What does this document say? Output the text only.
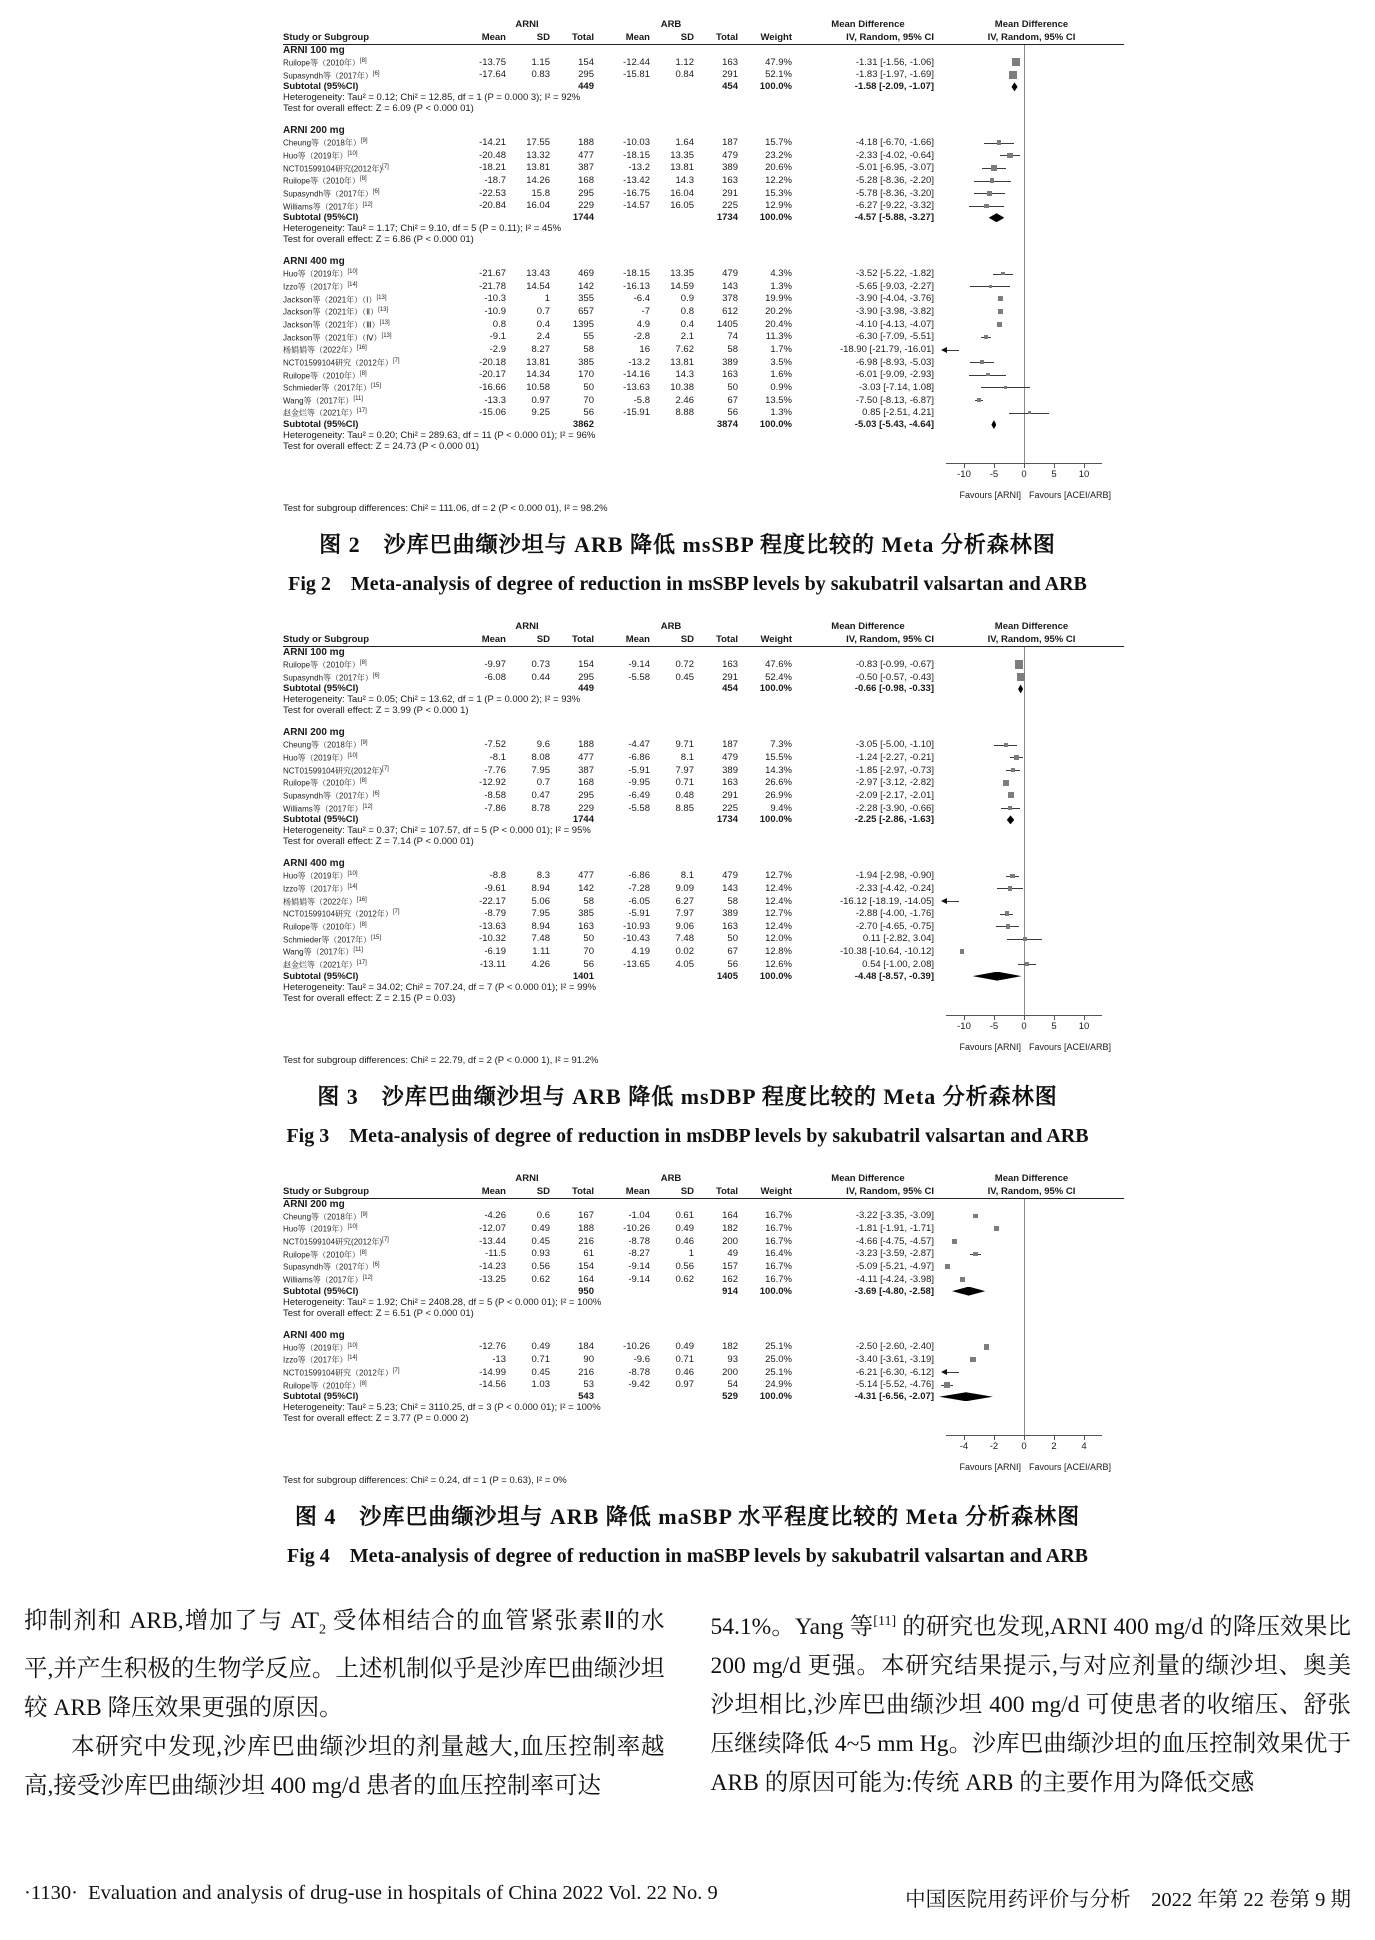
ARNI	ARB	Mean Difference	Mean Difference
Study or Subgroup	Mean	SD	Total	Mean	SD	Total	Weight	IV, Random, 95% CI	IV, Random, 95% CI
ARNI 100 mg
Ruilope等（2010年）[8]	-13.75	1.15	154	-12.44	1.12	163	47.9%	-1.31 [-1.56, -1.06]
Supasyndh等（2017年）[6]	-17.64	0.83	295	-15.81	0.84	291	52.1%	-1.83 [-1.97, -1.69]
Subtotal (95%CI)	449	454	100.0%	-1.58 [-2.09, -1.07]
Heterogeneity: Tau² = 0.12; Chi² = 12.85, df = 1 (P = 0.000 3); I² = 92%
Test for overall effect: Z = 6.09 (P < 0.000 01)
ARNI 200 mg
Cheung等（2018年）[9]	-14.21	17.55	188	-10.03	1.64	187	15.7%	-4.18 [-6.70, -1.66]
Huo等（2019年）[10]	-20.48	13.32	477	-18.15	13.35	479	23.2%	-2.33 [-4.02, -0.64]
NCT01599104研究(2012年)[7]	-18.21	13.81	387	-13.2	13.81	389	20.6%	-5.01 [-6.95, -3.07]
Ruilope等（2010年）[8]	-18.7	14.26	168	-13.42	14.3	163	12.2%	-5.28 [-8.36, -2.20]
Supasyndh等（2017年）[6]	-22.53	15.8	295	-16.75	16.04	291	15.3%	-5.78 [-8.36, -3.20]
Williams等（2017年）[12]	-20.84	16.04	229	-14.57	16.05	225	12.9%	-6.27 [-9.22, -3.32]
Subtotal (95%CI)	1744	1734	100.0%	-4.57 [-5.88, -3.27]
Heterogeneity: Tau² = 1.17; Chi² = 9.10, df = 5 (P = 0.11); I² = 45%
Test for overall effect: Z = 6.86 (P < 0.000 01)
ARNI 400 mg
Huo等（2019年）[10]	-21.67	13.43	469	-18.15	13.35	479	4.3%	-3.52 [-5.22, -1.82]
Izzo等（2017年）[14]	-21.78	14.54	142	-16.13	14.59	143	1.3%	-5.65 [-9.03, -2.27]
Jackson等（2021年）（Ⅰ）[13]	-10.3	1	355	-6.4	0.9	378	19.9%	-3.90 [-4.04, -3.76]
Jackson等（2021年）（Ⅱ）[13]	-10.9	0.7	657	-7	0.8	612	20.2%	-3.90 [-3.98, -3.82]
Jackson等（2021年）（Ⅲ）[13]	0.8	0.4	1395	4.9	0.4	1405	20.4%	-4.10 [-4.13, -4.07]
Jackson等（2021年）（Ⅳ）[13]	-9.1	2.4	55	-2.8	2.1	74	11.3%	-6.30 [-7.09, -5.51]
杨娟娟等（2022年）[16]	-2.9	8.27	58	16	7.62	58	1.7%	-18.90 [-21.79, -16.01]
NCT01599104研究（2012年）[7]	-20.18	13.81	385	-13.2	13.81	389	3.5%	-6.98 [-8.93, -5.03]
Ruilope等（2010年）[8]	-20.17	14.34	170	-14.16	14.3	163	1.6%	-6.01 [-9.09, -2.93]
Schmieder等（2017年）[15]	-16.66	10.58	50	-13.63	10.38	50	0.9%	-3.03 [-7.14, 1.08]
Wang等（2017年）[11]	-13.3	0.97	70	-5.8	2.46	67	13.5%	-7.50 [-8.13, -6.87]
赵金烂等（2021年）[17]	-15.06	9.25	56	-15.91	8.88	56	1.3%	0.85 [-2.51, 4.21]
Subtotal (95%CI)	3862	3874	100.0%	-5.03 [-5.43, -4.64]
Heterogeneity: Tau² = 0.20; Chi² = 289.63, df = 11 (P < 0.000 01); I² = 96%
Test for overall effect: Z = 24.73 (P < 0.000 01)
-10	-5	0	5	10
Favours [ARNI] Favours [ACEI/ARB]
Test for subgroup differences: Chi² = 111.06, df = 2 (P < 0.000 01), I² = 98.2%
图 2　沙库巴曲缬沙坦与 ARB 降低 msSBP 程度比较的 Meta 分析森林图
Fig 2　Meta-analysis of degree of reduction in msSBP levels by sakubatril valsartan and ARB
ARNI	ARB	Mean Difference	Mean Difference
Study or Subgroup	Mean	SD	Total	Mean	SD	Total	Weight	IV, Random, 95% CI	IV, Random, 95% CI
ARNI 100 mg
Ruilope等（2010年）[8]	-9.97	0.73	154	-9.14	0.72	163	47.6%	-0.83 [-0.99, -0.67]
Supasyndh等（2017年）[6]	-6.08	0.44	295	-5.58	0.45	291	52.4%	-0.50 [-0.57, -0.43]
Subtotal (95%CI)	449	454	100.0%	-0.66 [-0.98, -0.33]
Heterogeneity: Tau² = 0.05; Chi² = 13.62, df = 1 (P = 0.000 2); I² = 93%
Test for overall effect: Z = 3.99 (P < 0.000 1)
ARNI 200 mg
Cheung等（2018年）[9]	-7.52	9.6	188	-4.47	9.71	187	7.3%	-3.05 [-5.00, -1.10]
Huo等（2019年）[10]	-8.1	8.08	477	-6.86	8.1	479	15.5%	-1.24 [-2.27, -0.21]
NCT01599104研究(2012年)[7]	-7.76	7.95	387	-5.91	7.97	389	14.3%	-1.85 [-2.97, -0.73]
Ruilope等（2010年）[8]	-12.92	0.7	168	-9.95	0.71	163	26.6%	-2.97 [-3.12, -2.82]
Supasyndh等（2017年）[6]	-8.58	0.47	295	-6.49	0.48	291	26.9%	-2.09 [-2.17, -2.01]
Williams等（2017年）[12]	-7.86	8.78	229	-5.58	8.85	225	9.4%	-2.28 [-3.90, -0.66]
Subtotal (95%CI)	1744	1734	100.0%	-2.25 [-2.86, -1.63]
Heterogeneity: Tau² = 0.37; Chi² = 107.57, df = 5 (P < 0.000 01); I² = 95%
Test for overall effect: Z = 7.14 (P < 0.000 01)
ARNI 400 mg
Huo等（2019年）[10]	-8.8	8.3	477	-6.86	8.1	479	12.7%	-1.94 [-2.98, -0.90]
Izzo等（2017年）[14]	-9.61	8.94	142	-7.28	9.09	143	12.4%	-2.33 [-4.42, -0.24]
杨娟娟等（2022年）[16]	-22.17	5.06	58	-6.05	6.27	58	12.4%	-16.12 [-18.19, -14.05]
NCT01599104研究（2012年）[7]	-8.79	7.95	385	-5.91	7.97	389	12.7%	-2.88 [-4.00, -1.76]
Ruilope等（2010年）[8]	-13.63	8.94	163	-10.93	9.06	163	12.4%	-2.70 [-4.65, -0.75]
Schmieder等（2017年）[15]	-10.32	7.48	50	-10.43	7.48	50	12.0%	0.11 [-2.82, 3.04]
Wang等（2017年）[11]	-6.19	1.11	70	4.19	0.02	67	12.8%	-10.38 [-10.64, -10.12]
赵金烂等（2021年）[17]	-13.11	4.26	56	-13.65	4.05	56	12.6%	0.54 [-1.00, 2.08]
Subtotal (95%CI)	1401	1405	100.0%	-4.48 [-8.57, -0.39]
Heterogeneity: Tau² = 34.02; Chi² = 707.24, df = 7 (P < 0.000 01); I² = 99%
Test for overall effect: Z = 2.15 (P = 0.03)
-10	-5	0	5	10
Favours [ARNI] Favours [ACEI/ARB]
Test for subgroup differences: Chi² = 22.79, df = 2 (P < 0.000 1), I² = 91.2%
图 3　沙库巴曲缬沙坦与 ARB 降低 msDBP 程度比较的 Meta 分析森林图
Fig 3　Meta-analysis of degree of reduction in msDBP levels by sakubatril valsartan and ARB
ARNI	ARB	Mean Difference	Mean Difference
Study or Subgroup	Mean	SD	Total	Mean	SD	Total	Weight	IV, Random, 95% CI	IV, Random, 95% CI
ARNI 200 mg
Cheung等（2018年）[9]	-4.26	0.6	167	-1.04	0.61	164	16.7%	-3.22 [-3.35, -3.09]
Huo等（2019年）[10]	-12.07	0.49	188	-10.26	0.49	182	16.7%	-1.81 [-1.91, -1.71]
NCT01599104研究(2012年)[7]	-13.44	0.45	216	-8.78	0.46	200	16.7%	-4.66 [-4.75, -4.57]
Ruilope等（2010年）[8]	-11.5	0.93	61	-8.27	1	49	16.4%	-3.23 [-3.59, -2.87]
Supasyndh等（2017年）[6]	-14.23	0.56	154	-9.14	0.56	157	16.7%	-5.09 [-5.21, -4.97]
Williams等（2017年）[12]	-13.25	0.62	164	-9.14	0.62	162	16.7%	-4.11 [-4.24, -3.98]
Subtotal (95%CI)	950	914	100.0%	-3.69 [-4.80, -2.58]
Heterogeneity: Tau² = 1.92; Chi² = 2408.28, df = 5 (P < 0.000 01); I² = 100%
Test for overall effect: Z = 6.51 (P < 0.000 01)
ARNI 400 mg
Huo等（2019年）[10]	-12.76	0.49	184	-10.26	0.49	182	25.1%	-2.50 [-2.60, -2.40]
Izzo等（2017年）[14]	-13	0.71	90	-9.6	0.71	93	25.0%	-3.40 [-3.61, -3.19]
NCT01599104研究（2012年）[7]	-14.99	0.45	216	-8.78	0.46	200	25.1%	-6.21 [-6.30, -6.12]
Ruilope等（2010年）[8]	-14.56	1.03	53	-9.42	0.97	54	24.9%	-5.14 [-5.52, -4.76]
Subtotal (95%CI)	543	529	100.0%	-4.31 [-6.56, -2.07]
Heterogeneity: Tau² = 5.23; Chi² = 3110.25, df = 3 (P < 0.000 01); I² = 100%
Test for overall effect: Z = 3.77 (P = 0.000 2)
-4	-2	0	2	4
Favours [ARNI] Favours [ACEI/ARB]
Test for subgroup differences: Chi² = 0.24, df = 1 (P = 0.63), I² = 0%
图 4　沙库巴曲缬沙坦与 ARB 降低 maSBP 水平程度比较的 Meta 分析森林图
Fig 4　Meta-analysis of degree of reduction in maSBP levels by sakubatril valsartan and ARB

抑制剂和 ARB,增加了与 $AT_2$ 受体相结合的血管紧张素Ⅱ的水平,并产生积极的生物学反应。上述机制似乎是沙库巴曲缬沙坦较 ARB 降压效果更强的原因。

本研究中发现,沙库巴曲缬沙坦的剂量越大,血压控制率越高,接受沙库巴曲缬沙坦 400 mg/d 患者的血压控制率可达

54.1%。Yang 等[11] 的研究也发现,ARNI 400 mg/d 的降压效果比 200 mg/d 更强。本研究结果提示,与对应剂量的缬沙坦、奥美沙坦相比,沙库巴曲缬沙坦 400 mg/d 可使患者的收缩压、舒张压继续降低 4~5 mm Hg。沙库巴曲缬沙坦的血压控制效果优于 ARB 的原因可能为:传统 ARB 的主要作用为降低交感

·1130· Evaluation and analysis of drug-use in hospitals of China 2022 Vol. 22 No. 9	中国医院用药评价与分析　2022 年第 22 卷第 9 期
